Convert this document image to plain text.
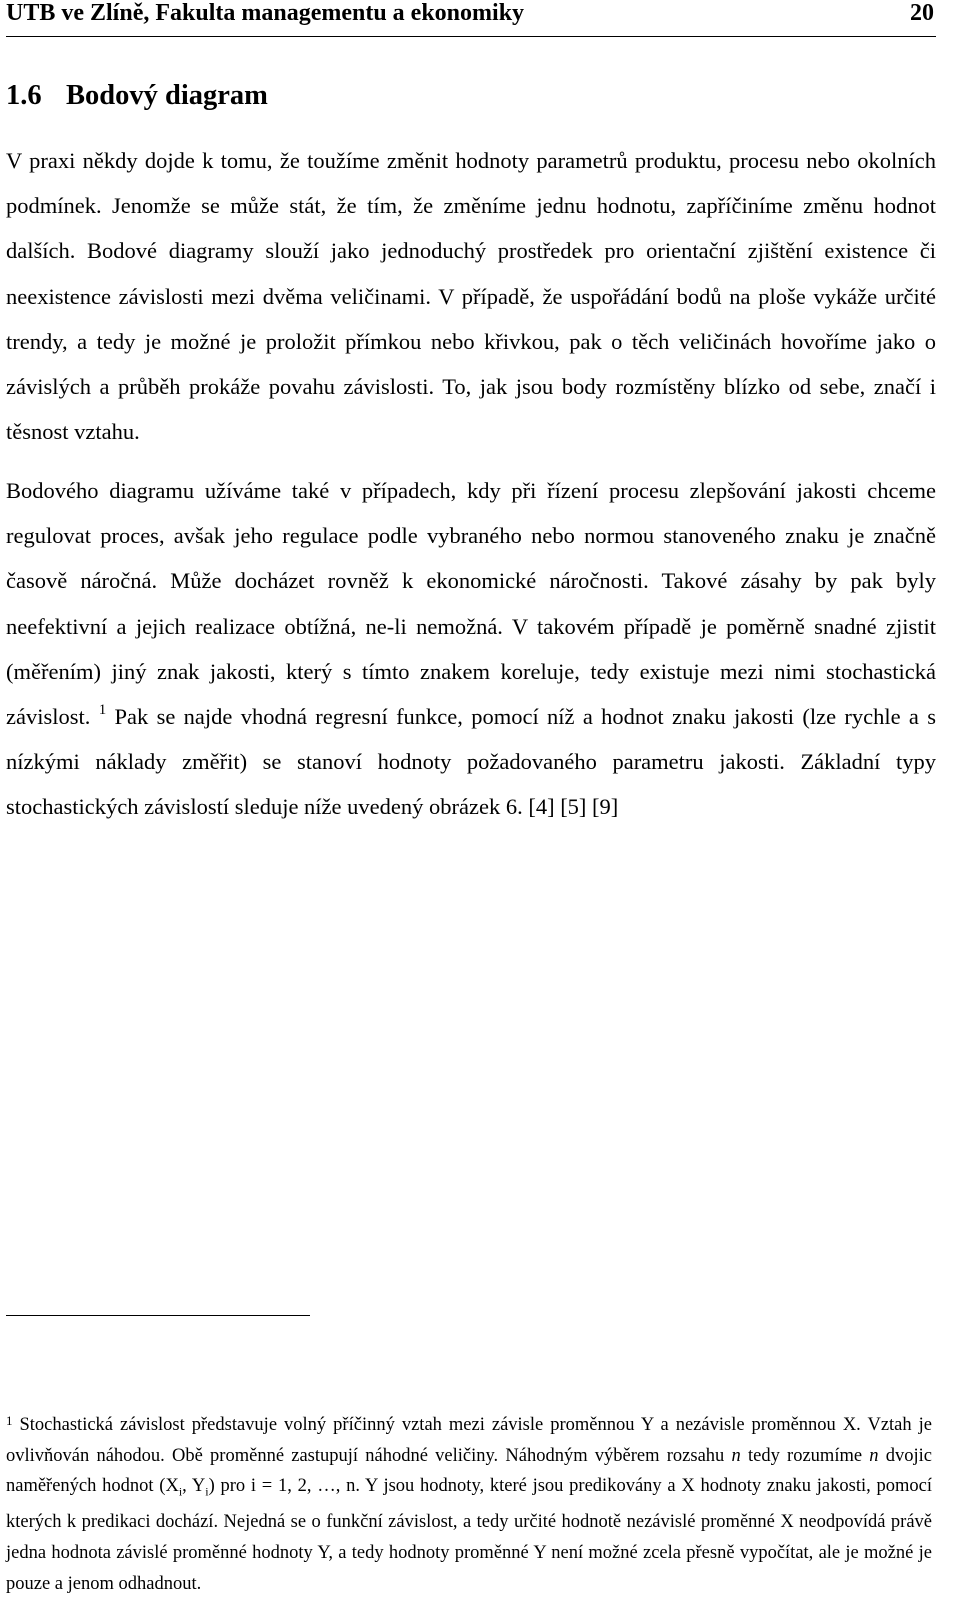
UTB ve Zlíně, Fakulta managementu a ekonomiky	20
1.6 Bodový diagram

V praxi někdy dojde k tomu, že toužíme změnit hodnoty parametrů produktu, procesu nebo okolních podmínek. Jenomže se může stát, že tím, že změníme jednu hodnotu, zapříčiníme změnu hodnot dalších. Bodové diagramy slouží jako jednoduchý prostředek pro orientační zjištění existence či neexistence závislosti mezi dvěma veličinami. V případě, že uspořádání bodů na ploše vykáže určité trendy, a tedy je možné je proložit přímkou nebo křivkou, pak o těch veličinách hovoříme jako o závislých a průběh prokáže povahu závislosti. To, jak jsou body rozmístěny blízko od sebe, značí i těsnost vztahu.

Bodového diagramu užíváme také v případech, kdy při řízení procesu zlepšování jakosti chceme regulovat proces, avšak jeho regulace podle vybraného nebo normou stanoveného znaku je značně časově náročná. Může docházet rovněž k ekonomické náročnosti. Takové zásahy by pak byly neefektivní a jejich realizace obtížná, ne-li nemožná. V takovém případě je poměrně snadné zjistit (měřením) jiný znak jakosti, který s tímto znakem koreluje, tedy existuje mezi nimi stochastická závislost. $^1$ Pak se najde vhodná regresní funkce, pomocí níž a hodnot znaku jakosti (lze rychle a s nízkými náklady změřit) se stanoví hodnoty požadovaného parametru jakosti. Základní typy stochastických závislostí sleduje níže uvedený obrázek 6. [4] [5] [9]

$^1$ Stochastická závislost představuje volný příčinný vztah mezi závisle proměnnou Y a nezávisle proměnnou X. Vztah je ovlivňován náhodou. Obě proměnné zastupují náhodné veličiny. Náhodným výběrem rozsahu n tedy rozumíme n dvojic naměřených hodnot ($X_i$, $Y_i$) pro i = 1, 2, …, n. Y jsou hodnoty, které jsou predikovány a X hodnoty znaku jakosti, pomocí kterých k predikaci dochází. Nejedná se o funkční závislost, a tedy určité hodnotě nezávislé proměnné X neodpovídá právě jedna hodnota závislé proměnné hodnoty Y, a tedy hodnoty proměnné Y není možné zcela přesně vypočítat, ale je možné je pouze a jenom odhadnout.
